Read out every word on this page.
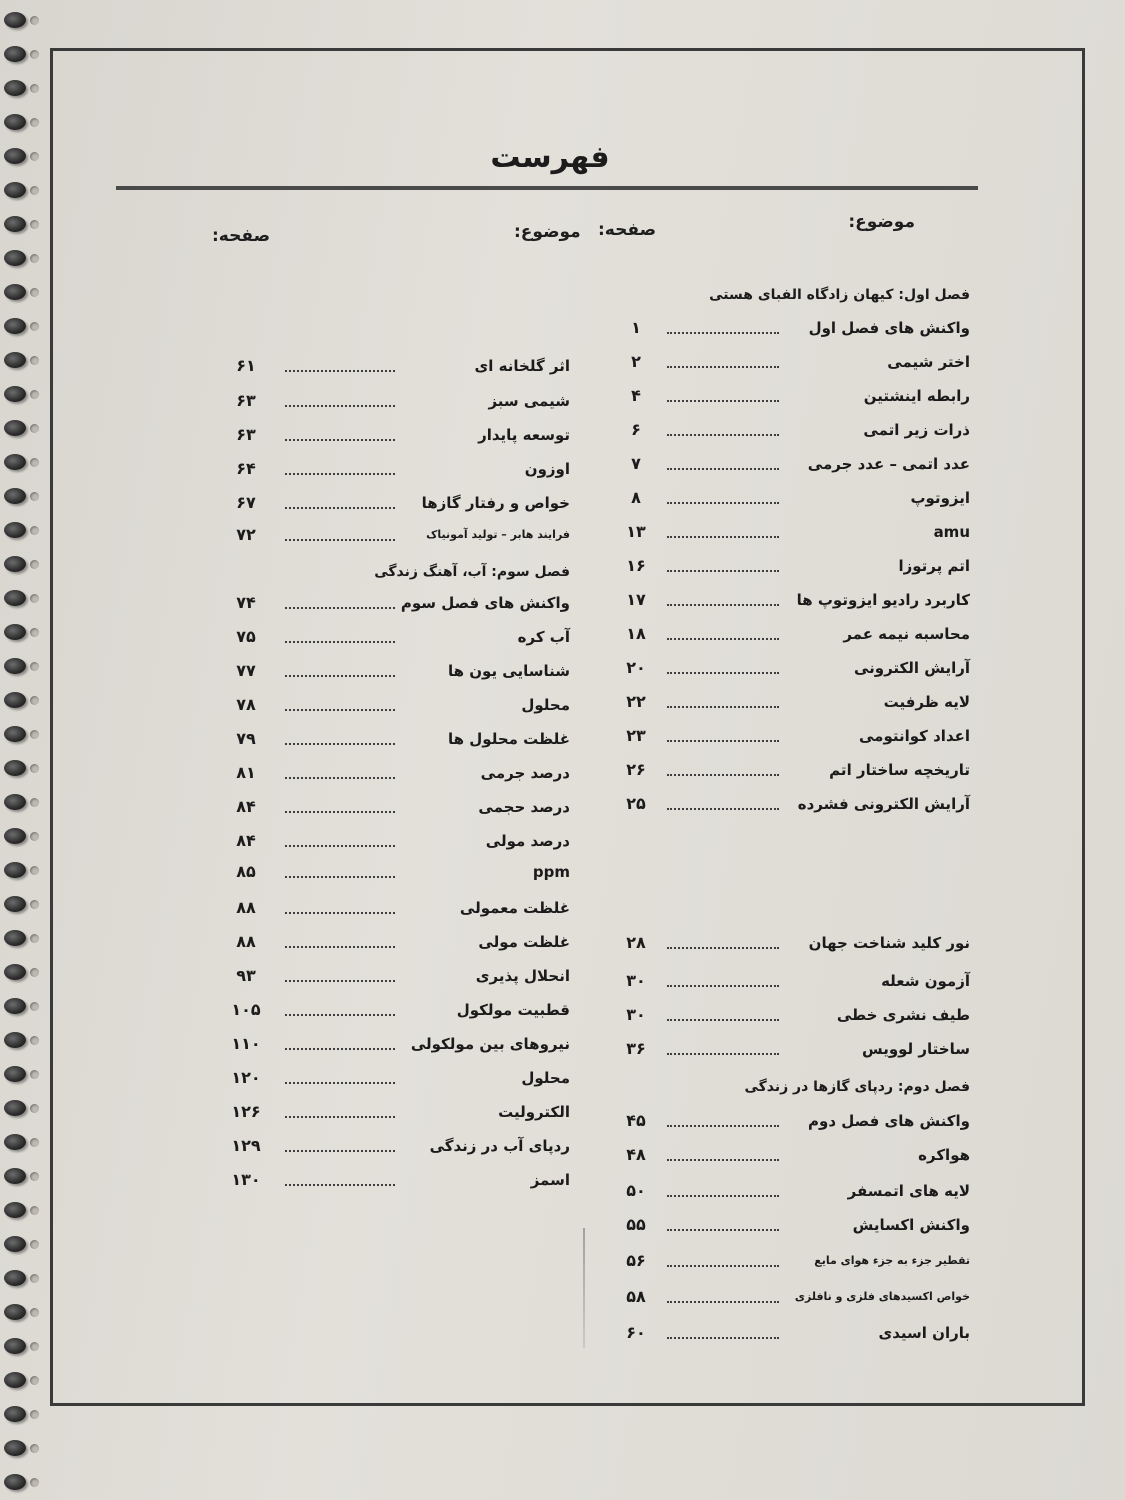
فهرست
موضوع:
صفحه:
موضوع:
صفحه:
فصل اول: کیهان زادگاه الفبای هستی
واکنش های فصل اول
۱
اختر شیمی
۲
رابطه اینشتین
۴
ذرات زیر اتمی
۶
عدد اتمی – عدد جرمی
۷
ایزوتوپ
۸
amu
۱۳
اتم پرتوزا
۱۶
کاربرد رادیو ایزوتوپ ها
۱۷
محاسبه نیمه عمر
۱۸
آرایش الکترونی
۲۰
لایه ظرفیت
۲۲
اعداد کوانتومی
۲۳
تاریخچه ساختار اتم
۲۶
آرایش الکترونی فشرده
۲۵
نور کلید شناخت جهان
۲۸
آزمون شعله
۳۰
طیف نشری خطی
۳۰
ساختار لوویس
۳۶
فصل دوم: ردپای گازها در زندگی
واکنش های فصل دوم
۴۵
هواکره
۴۸
لایه های اتمسفر
۵۰
واکنش اکسایش
۵۵
تقطیر جزء به جزء هوای مایع
۵۶
خواص اکسیدهای فلزی و نافلزی
۵۸
باران اسیدی
۶۰
اثر گلخانه ای
۶۱
شیمی سبز
۶۳
توسعه پایدار
۶۳
اوزون
۶۴
خواص و رفتار گازها
۶۷
فرایند هابر – تولید آمونیاک
۷۲
فصل سوم: آب، آهنگ زندگی
واکنش های فصل سوم
۷۴
آب کره
۷۵
شناسایی یون ها
۷۷
محلول
۷۸
غلظت محلول ها
۷۹
درصد جرمی
۸۱
درصد حجمی
۸۴
درصد مولی
۸۴
ppm
۸۵
غلظت معمولی
۸۸
غلظت مولی
۸۸
انحلال پذیری
۹۳
قطبیت مولکول
۱۰۵
نیروهای بین مولکولی
۱۱۰
محلول
۱۲۰
الکترولیت
۱۲۶
ردپای آب در زندگی
۱۲۹
اسمز
۱۳۰
